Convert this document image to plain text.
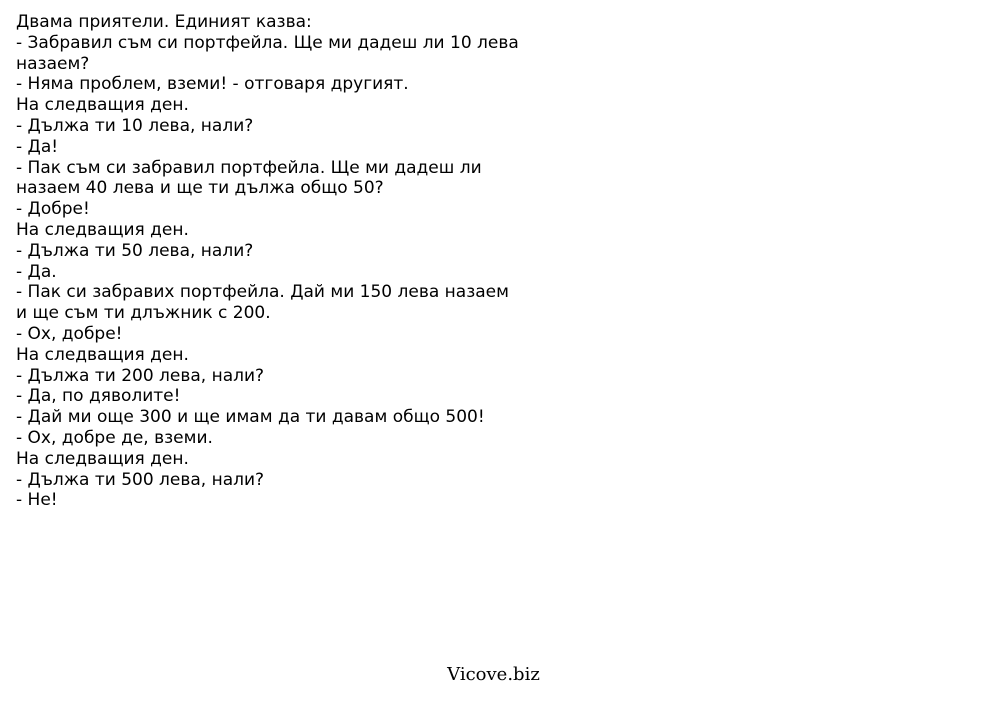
Двама приятели. Единият казва:
- Забравил съм си портфейла. Ще ми дадеш ли 10 лева
назаем?
- Няма проблем, вземи! - отговаря другият.
На следващия ден.
- Дължа ти 10 лева, нали?
- Да!
- Пак съм си забравил портфейла. Ще ми дадеш ли
назаем 40 лева и ще ти дължа общо 50?
- Добре!
На следващия ден.
- Дължа ти 50 лева, нали?
- Да.
- Пак си забравих портфейла. Дай ми 150 лева назаем
и ще съм ти длъжник с 200.
- Ох, добре!
На следващия ден.
- Дължа ти 200 лева, нали?
- Да, по дяволите!
- Дай ми още 300 и ще имам да ти давам общо 500!
- Ох, добре де, вземи.
На следващия ден.
- Дължа ти 500 лева, нали?
- Не!
Vicove.biz
